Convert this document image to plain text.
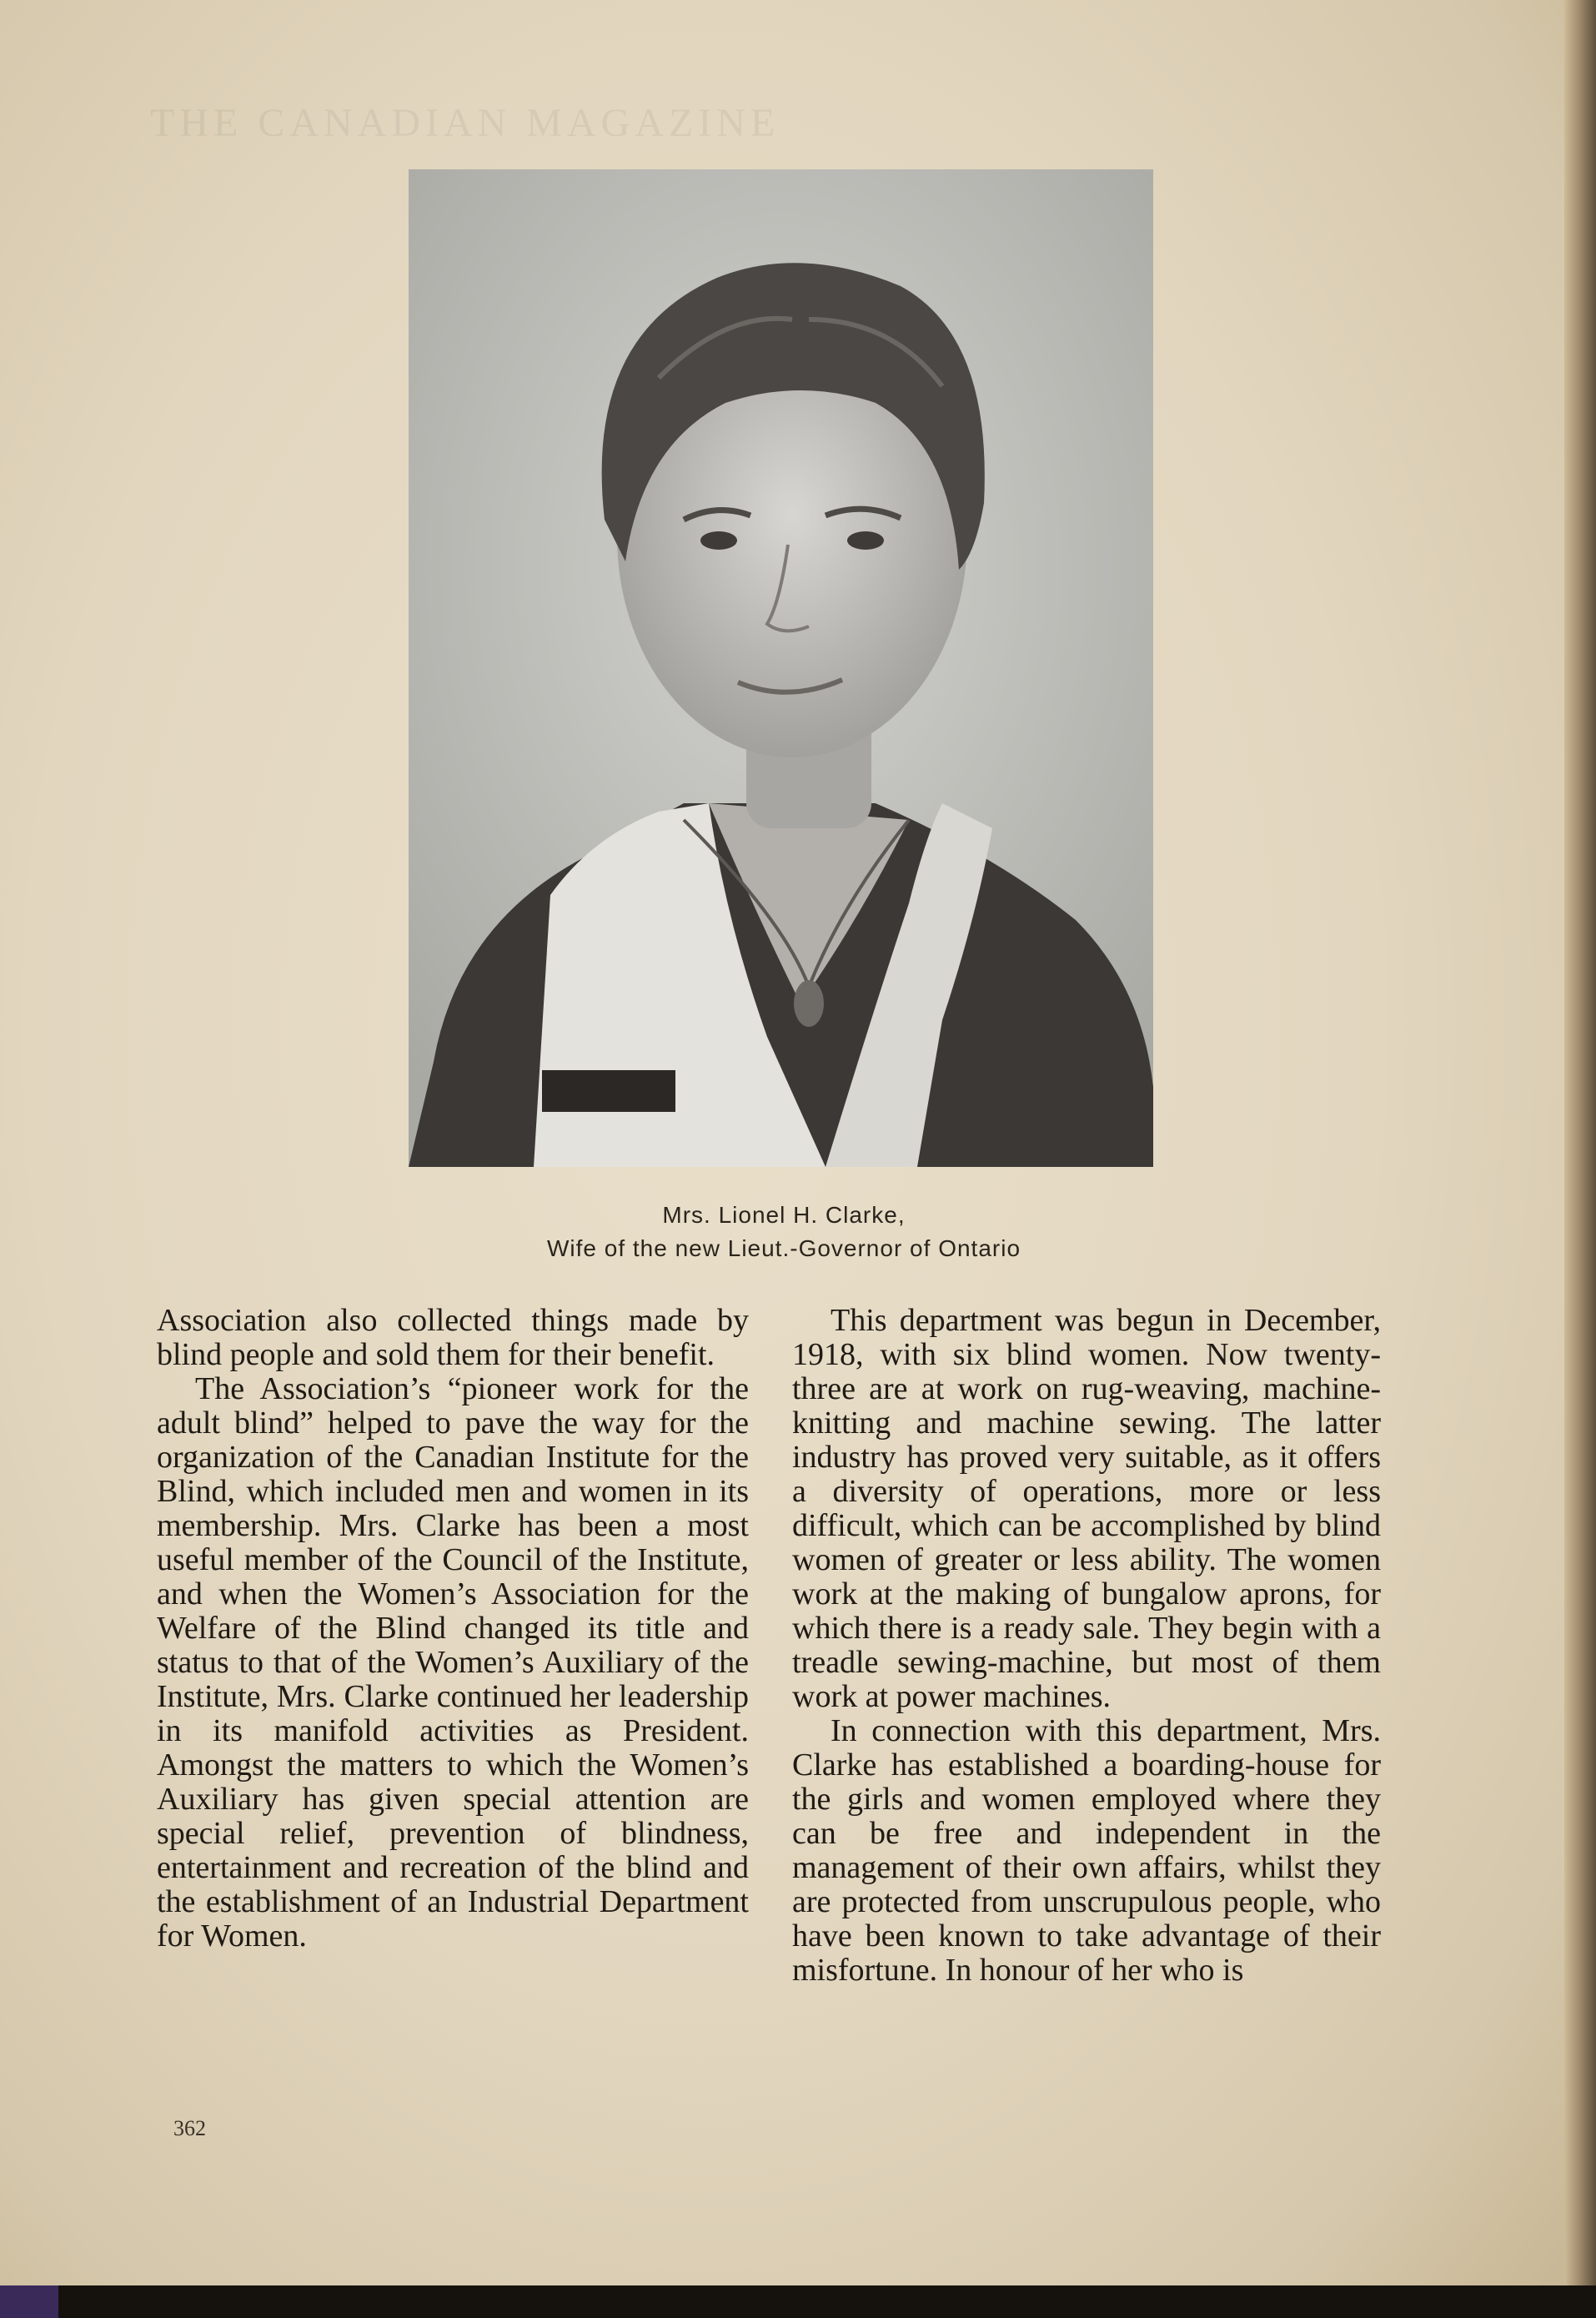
THE CANADIAN MAGAZINE
Mrs. Lionel H. Clarke,
Wife of the new Lieut.-Governor of Ontario

Association also collected things made by blind people and sold them for their benefit.

The Association’s “pioneer work for the adult blind” helped to pave the way for the organization of the Canadian Institute for the Blind, which included men and women in its membership. Mrs. Clarke has been a most useful member of the Council of the Institute, and when the Women’s Association for the Welfare of the Blind changed its title and status to that of the Women’s Auxiliary of the Institute, Mrs. Clarke continued her leadership in its manifold activities as President. Amongst the matters to which the Women’s Auxiliary has given special attention are special relief, prevention of blindness, entertainment and recreation of the blind and the establishment of an Industrial Department for Women.

This department was begun in December, 1918, with six blind women. Now twenty-three are at work on rug-weaving, machine-knitting and machine sewing. The latter industry has proved very suitable, as it offers a diversity of operations, more or less difficult, which can be accomplished by blind women of greater or less ability. The women work at the making of bungalow aprons, for which there is a ready sale. They begin with a treadle sewing-machine, but most of them work at power machines.

In connection with this department, Mrs. Clarke has established a boarding-house for the girls and women employed where they can be free and independent in the management of their own affairs, whilst they are protected from unscrupulous people, who have been known to take advantage of their misfortune. In honour of her who is

362
